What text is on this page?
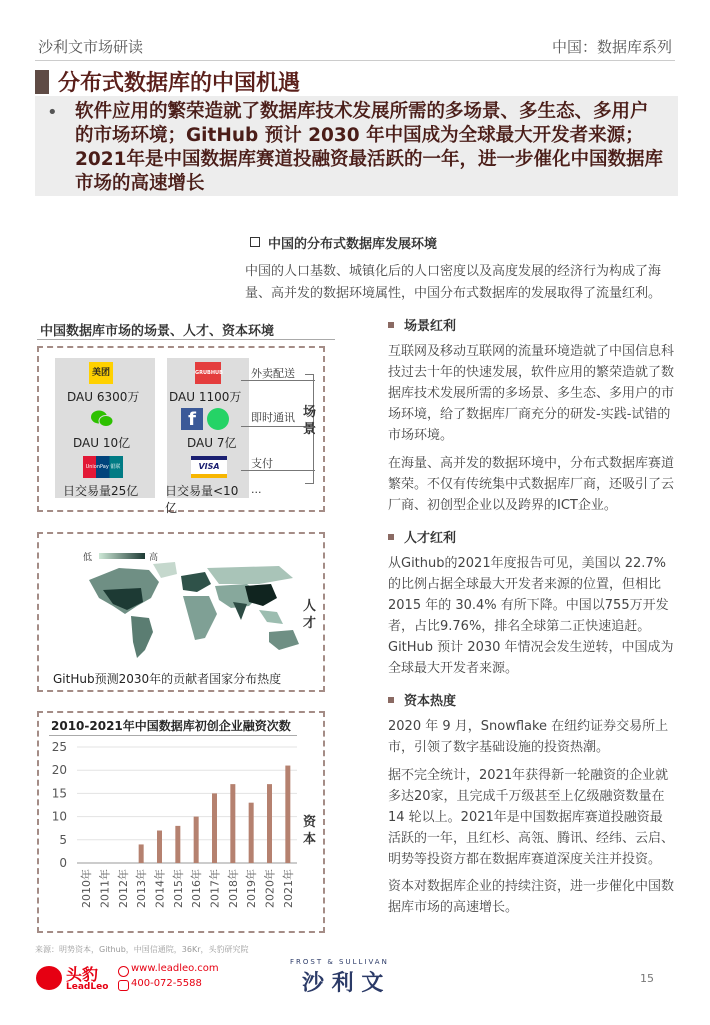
沙利文市场研读	中国：数据库系列
分布式数据库的中国机遇
• 软件应用的繁荣造就了数据库技术发展所需的多场景、多生态、多用户的市场环境；GitHub 预计 2030 年中国成为全球最大开发者来源；2021年是中国数据库赛道投融资最活跃的一年，进一步催化中国数据库市场的高速增长
中国的分布式数据库发展环境
中国的人口基数、城镇化后的人口密度以及高度发展的经济行为构成了海量、高并发的数据环境属性，中国分布式数据库的发展取得了流量红利。
中国数据库市场的场景、人才、资本环境
美团
DAU 6300万
GRUBHUB
DAU 1100万
DAU 10亿
f
DAU 7亿
UnionPay 银联
日交易量25亿
VISA
日交易量<10亿
外卖配送
即时通讯
支付
...
场景
低	高
GitHub预测2030年的贡献者国家分布热度
人才
2010-2021年中国数据库初创企业融资次数
25
20
15
10
5
0
2010年 2011年 2012年 2013年 2014年 2015年 2016年 2017年 2018年 2019年 2020年 2021年
资本
场景红利
互联网及移动互联网的流量环境造就了中国信息科技过去十年的快速发展，软件应用的繁荣造就了数据库技术发展所需的多场景、多生态、多用户的市场环境，给了数据库厂商充分的研发-实践-试错的市场环境。
在海量、高并发的数据环境中，分布式数据库赛道繁荣。不仅有传统集中式数据库厂商，还吸引了云厂商、初创型企业以及跨界的ICT企业。
人才红利
从Github的2021年度报告可见，美国以 22.7% 的比例占据全球最大开发者来源的位置，但相比 2015 年的 30.4% 有所下降。中国以755万开发者，占比9.76%，排名全球第二正快速追赶。GitHub 预计 2030 年情况会发生逆转，中国成为全球最大开发者来源。
资本热度
2020 年 9 月，Snowflake 在纽约证券交易所上市，引领了数字基础设施的投资热潮。
据不完全统计，2021年获得新一轮融资的企业就多达20家，且完成千万级甚至上亿级融资数量在 14 轮以上。2021年是中国数据库赛道投融资最活跃的一年，且红杉、高瓴、腾讯、经纬、云启、明势等投资方都在数据库赛道深度关注并投资。
资本对数据库企业的持续注资，进一步催化中国数据库市场的高速增长。
来源：明势资本，Github，中国信通院，36Kr，头豹研究院
头豹
LeadLeo
www.leadleo.com
400-072-5588
FROST & SULLIVAN
沙 利 文	15
